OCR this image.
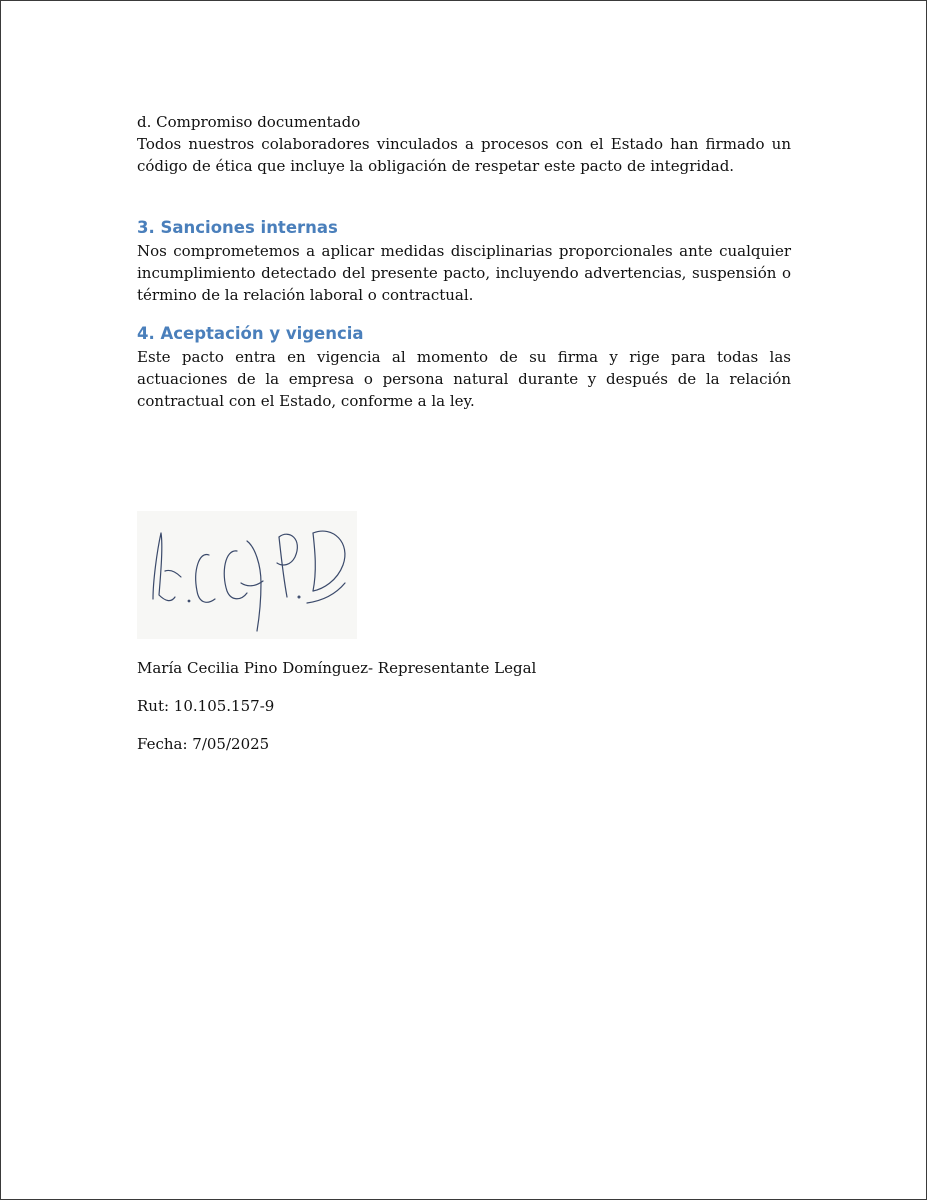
d. Compromiso documentado

Todos nuestros colaboradores vinculados a procesos con el Estado han firmado un código de ética que incluye la obligación de respetar este pacto de integridad.

3. Sanciones internas

Nos comprometemos a aplicar medidas disciplinarias proporcionales ante cualquier incumplimiento detectado del presente pacto, incluyendo advertencias, suspensión o término de la relación laboral o contractual.

4. Aceptación y vigencia

Este pacto entra en vigencia al momento de su firma y rige para todas las actuaciones de la empresa o persona natural durante y después de la relación contractual con el Estado, conforme a la ley.

María Cecilia Pino Domínguez- Representante Legal

Rut: 10.105.157-9

Fecha: 7/05/2025
